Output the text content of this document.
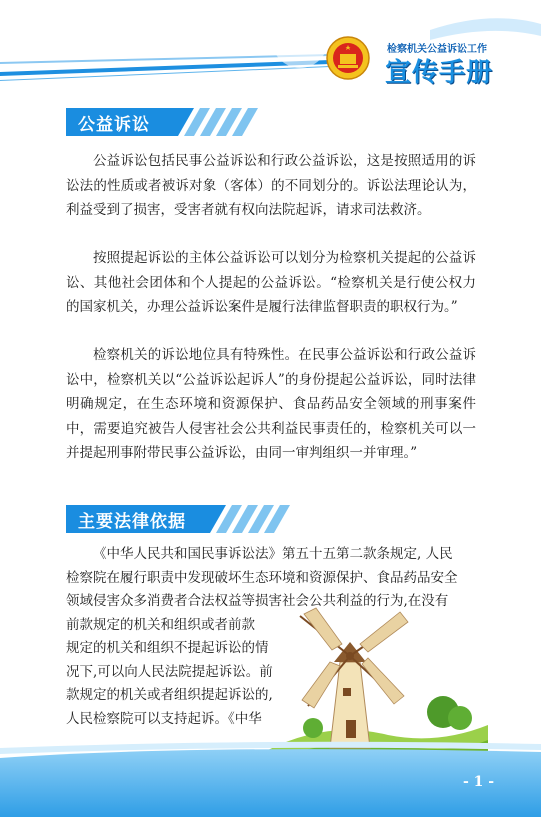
检察机关公益诉讼工作
宣传手册
公益诉讼

公益诉讼包括民事公益诉讼和行政公益诉讼，这是按照适用的诉讼法的性质或者被诉对象（客体）的不同划分的。诉讼法理论认为，利益受到了损害，受害者就有权向法院起诉，请求司法救济。

按照提起诉讼的主体公益诉讼可以划分为检察机关提起的公益诉讼、其他社会团体和个人提起的公益诉讼。“检察机关是行使公权力的国家机关，办理公益诉讼案件是履行法律监督职责的职权行为。”

检察机关的诉讼地位具有特殊性。在民事公益诉讼和行政公益诉讼中，检察机关以“公益诉讼起诉人”的身份提起公益诉讼，同时法律明确规定，在生态环境和资源保护、食品药品安全领域的刑事案件中，需要追究被告人侵害社会公共利益民事责任的，检察机关可以一并提起刑事附带民事公益诉讼，由同一审判组织一并审理。”

主要法律依据
《中华人民共和国民事诉讼法》第五十五第二款条规定, 人民
检察院在履行职责中发现破坏生态环境和资源保护、食品药品安全
领域侵害众多消费者合法权益等损害社会公共利益的行为,在没有
前款规定的机关和组织或者前款
规定的机关和组织不提起诉讼的情
况下,可以向人民法院提起诉讼。前
款规定的机关或者组织提起诉讼的,
人民检察院可以支持起诉。《中华
- 1 -
